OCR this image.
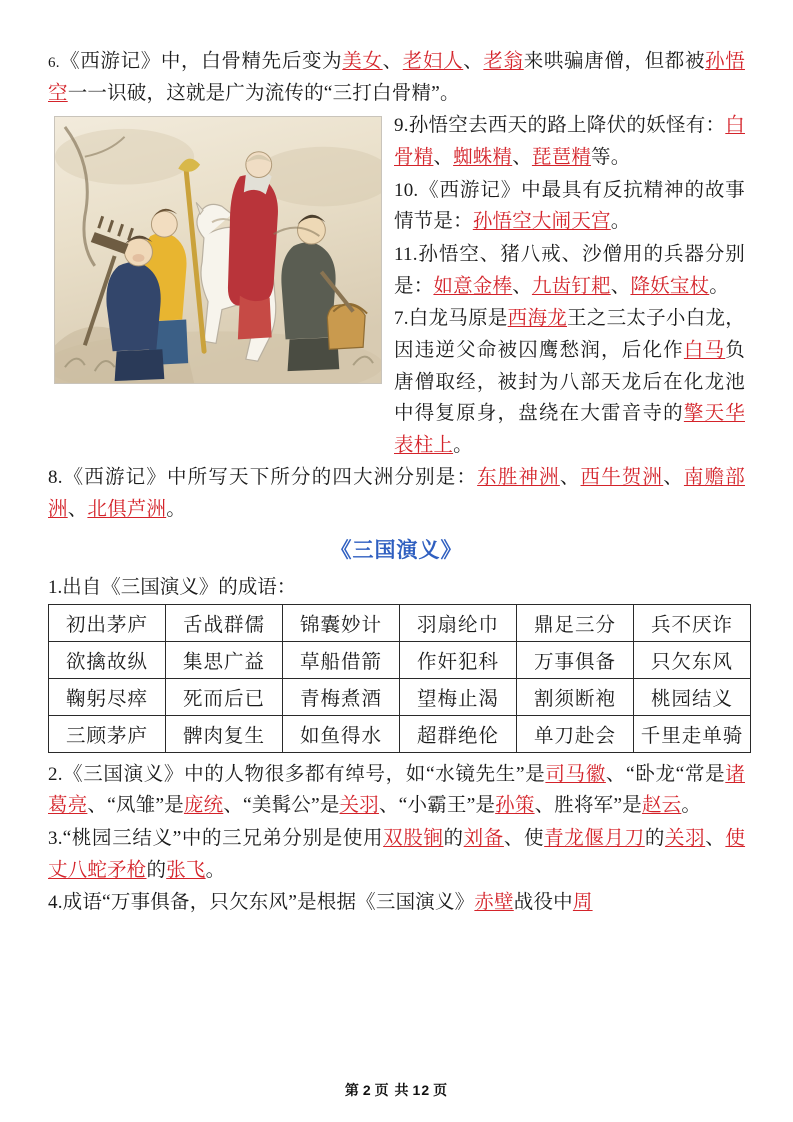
6.《西游记》中，白骨精先后变为美女、老妇人、老翁来哄骗唐僧，但都被孙悟空一一识破，这就是广为流传的“三打白骨精”。

9.孙悟空去西天的路上降伏的妖怪有：白骨精、蜘蛛精、琵琶精等。

10.《西游记》中最具有反抗精神的故事情节是：孙悟空大闹天宫。

11.孙悟空、猪八戒、沙僧用的兵器分别是：如意金棒、九齿钉耙、降妖宝杖。

7.白龙马原是西海龙王之三太子小白龙，因违逆父命被囚鹰愁润，后化作白马负唐僧取经，被封为八部天龙后在化龙池中得复原身，盘绕在大雷音寺的擎天华表柱上。

8.《西游记》中所写天下所分的四大洲分别是：东胜神洲、西牛贺洲、南赡部洲、北俱芦洲。

《三国演义》

1.出自《三国演义》的成语：

初出茅庐	舌战群儒	锦囊妙计	羽扇纶巾	鼎足三分	兵不厌诈
欲擒故纵	集思广益	草船借箭	作奸犯科	万事俱备	只欠东风
鞠躬尽瘁	死而后已	青梅煮酒	望梅止渴	割须断袍	桃园结义
三顾茅庐	髀肉复生	如鱼得水	超群绝伦	单刀赴会	千里走单骑

2.《三国演义》中的人物很多都有绰号，如“水镜先生”是司马徽、“卧龙“常是诸葛亮、“凤雏”是庞统、“美髯公”是关羽、“小霸王”是孙策、胜将军”是赵云。

3.“桃园三结义”中的三兄弟分别是使用双股锏的刘备、使青龙偃月刀的关羽、使丈八蛇矛枪的张飞。

4.成语“万事俱备，只欠东风”是根据《三国演义》赤壁战役中周

第 2 页 共 12 页
